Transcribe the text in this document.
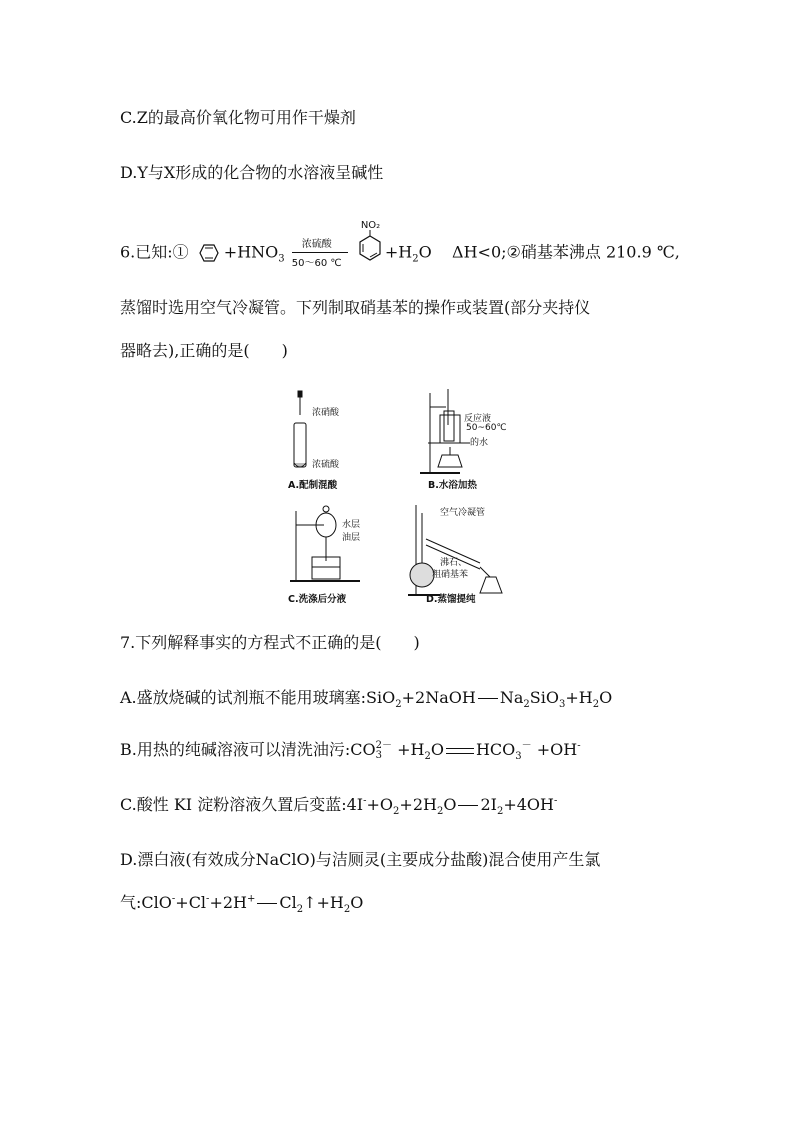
C.Z的最高价氧化物可用作干燥剂
D.Y与X形成的化合物的水溶液呈碱性
6.已知:① $+HNO_3$
浓硫酸
50～60 ℃

NO₂
$+H_2O$    ΔH<0;②硝基苯沸点 210.9 ℃,
蒸馏时选用空气冷凝管。下列制取硝基苯的操作或装置(部分夹持仪
器略去),正确的是(　　)
浓硝酸
浓硫酸
A.配制混酸
反应液
50~60℃
的水
B.水浴加热
水层
油层
C.洗涤后分液
空气冷凝管
沸石、
粗硝基苯
D.蒸馏提纯
7.下列解释事实的方程式不正确的是(　　)
A.盛放烧碱的试剂瓶不能用玻璃塞:SiO$_2$+2NaOH $Na_2SiO_3+H_2O$
B.用热的纯碱溶液可以清洗油污:CO2
$3^- +H_2O$ $HCO_3^- +OH^-$
C.酸性 KI 淀粉溶液久置后变蓝$:4I^-+O_2+2H_2O$ $2I_2+4OH^-$
D.漂白液(有效成分NaClO)与洁厕灵(主要成分盐酸)混合使用产生氯
气:ClO-+Cl-+2H+ $Cl_2↑+H_2O$
